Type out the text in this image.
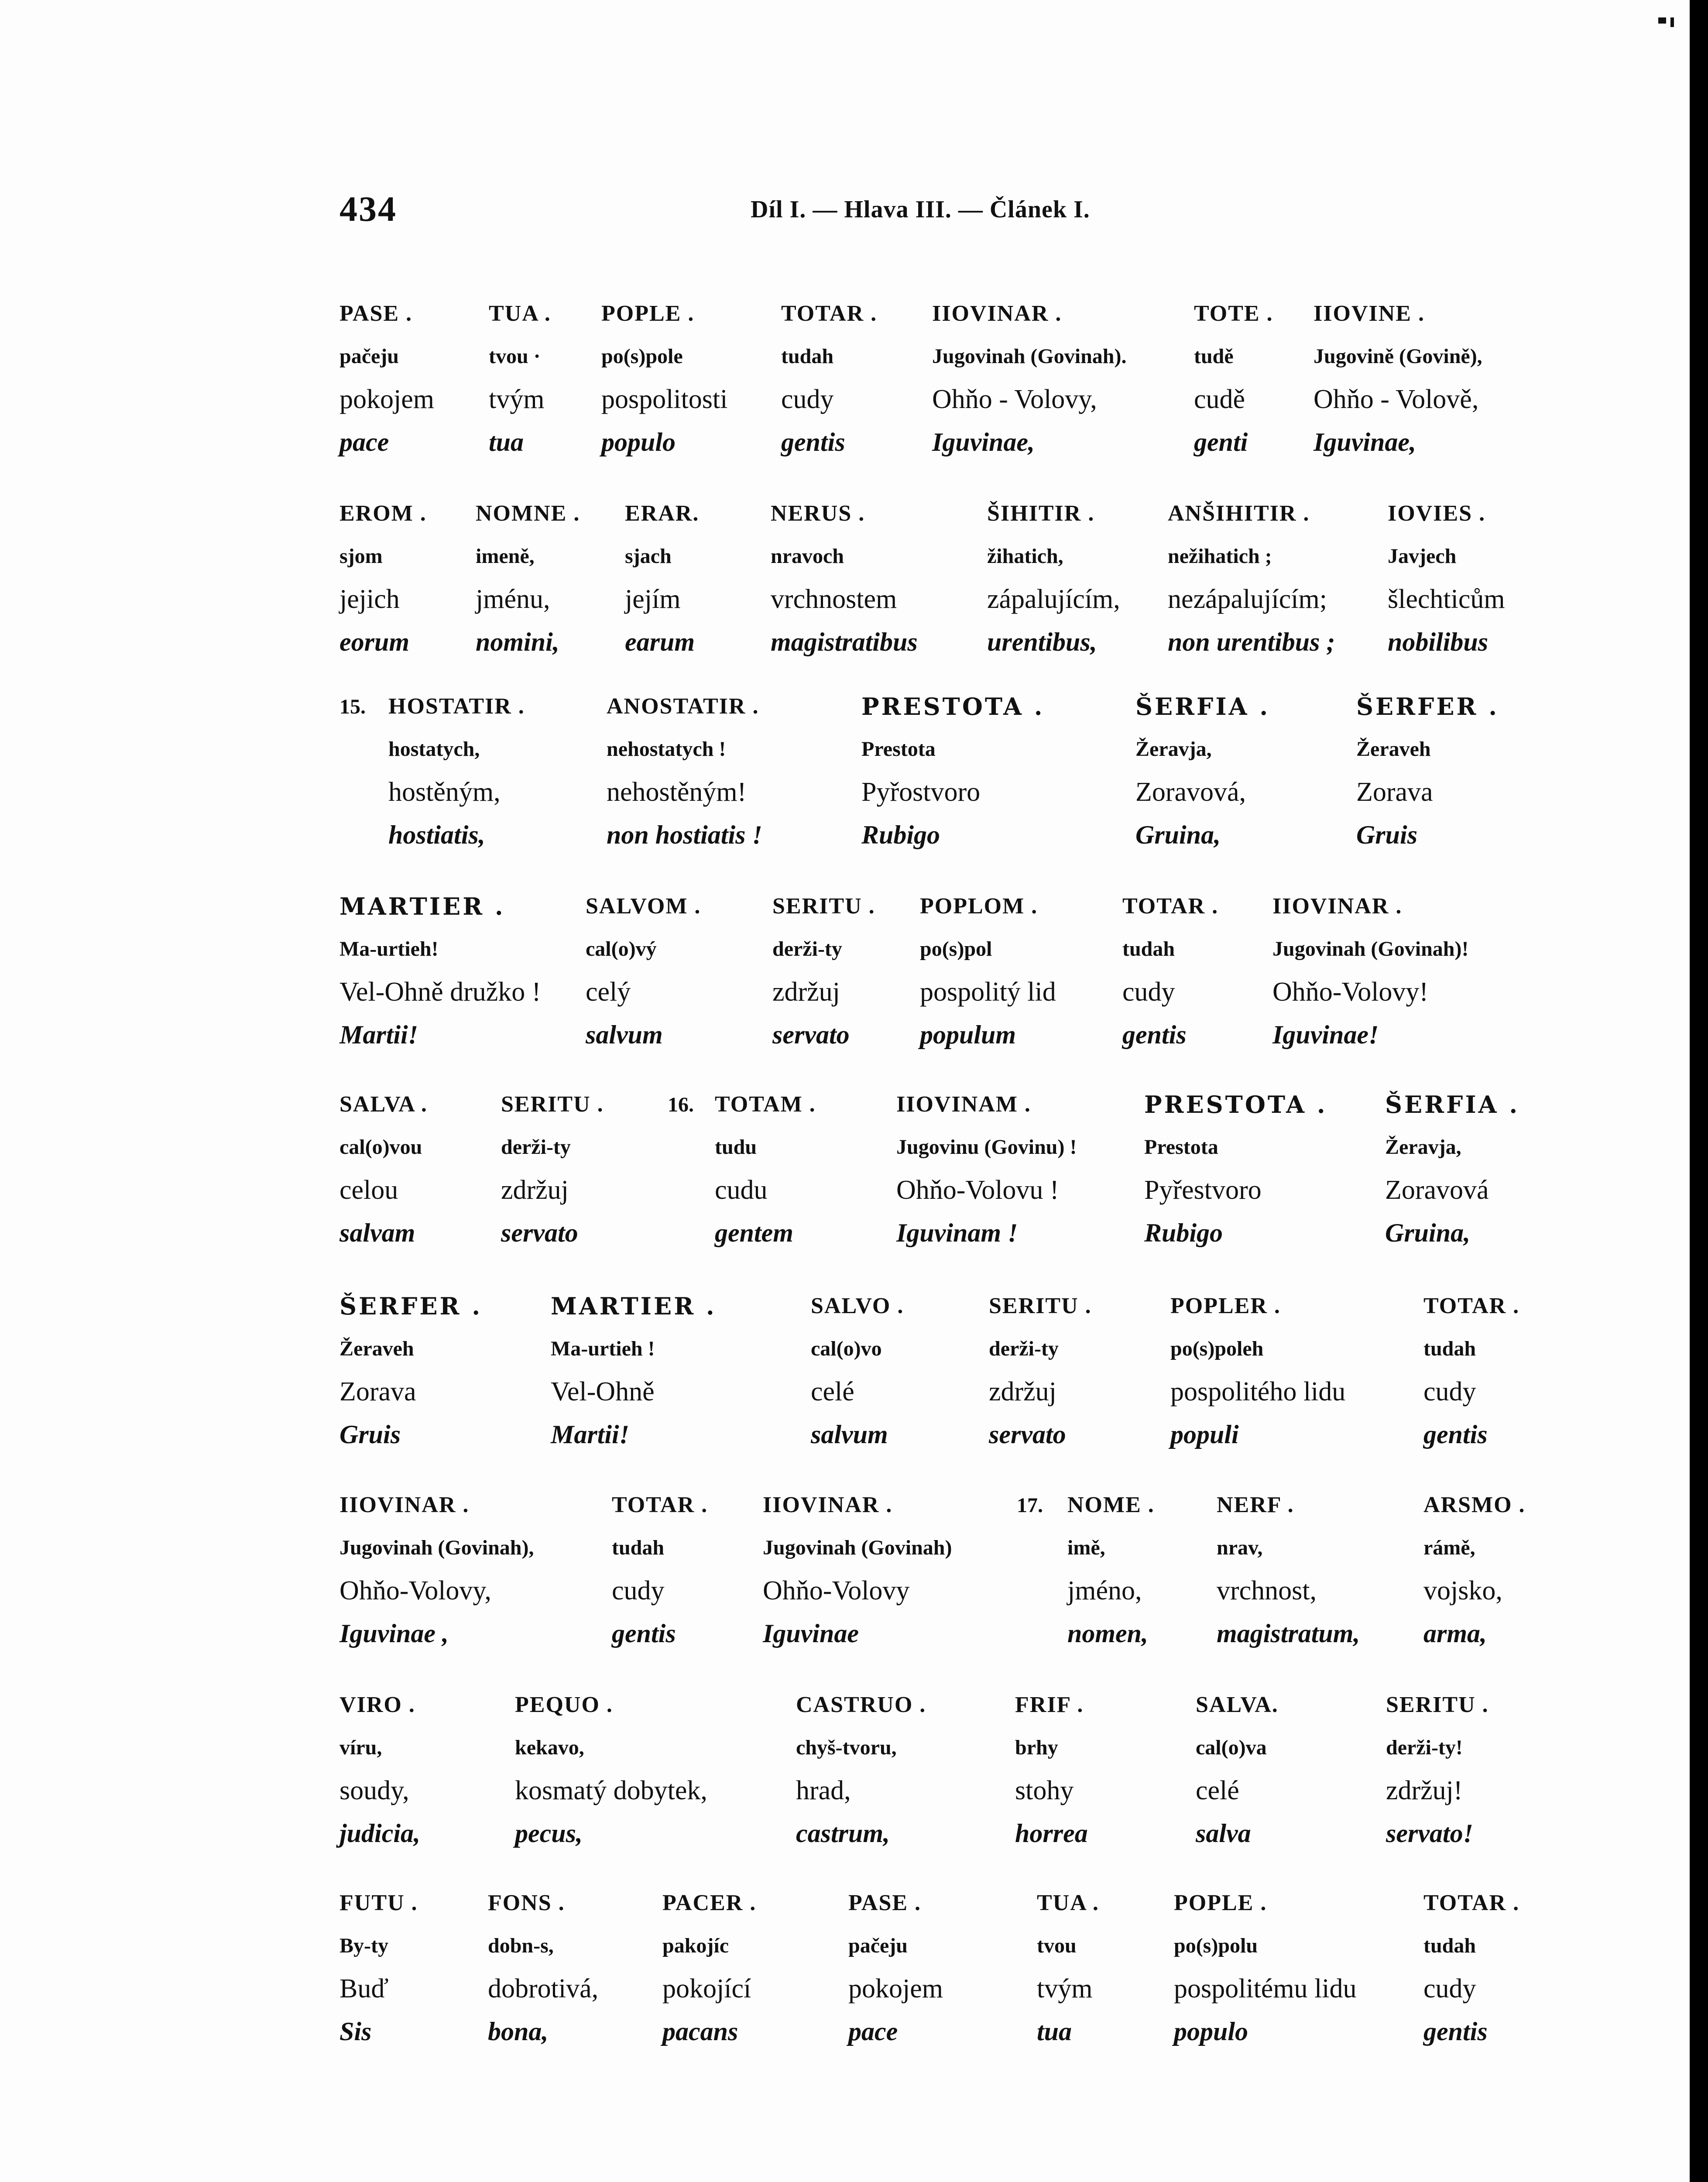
434	Díl I. — Hlava III. — Článek I.
PASE .
pačeju
pokojem
pace
TUA .
tvou ·
tvým
tua
POPLE .
po(s)pole
pospolitosti
populo
TOTAR .
tudah
cudy
gentis
IIOVINAR .
Jugovinah (Govinah).
Ohňo - Volovy,
Iguvinae,
TOTE .
tudě
cudě
genti
IIOVINE .
Jugovině (Govině),
Ohňo - Volově,
Iguvinae,
EROM .
sjom
jejich
eorum
NOMNE .
imeně,
jménu,
nomini,
ERAR.
sjach
jejím
earum
NERUS .
nravoch
vrchnostem
magistratibus
ŠIHITIR .
žihatich,
zápalujícím,
urentibus,
ANŠIHITIR .
nežihatich ;
nezápalujícím;
non urentibus ;
IOVIES .
Javjech
šlechticům
nobilibus
15. HOSTATIR .
hostatych,
hostěným,
hostiatis,
ANOSTATIR .
nehostatych !
nehostěným!
non hostiatis !
PRESTOTA .
Prestota
Pyřostvoro
Rubigo
ŠERFIA .
Žeravja,
Zoravová,
Gruina,
ŠERFER .
Žeraveh
Zorava
Gruis
MARTIER .
Ma-urtieh!
Vel-Ohně družko !
Martii!
SALVOM .
cal(o)vý
celý
salvum
SERITU .
derži-ty
zdržuj
servato
POPLOM .
po(s)pol
pospolitý lid
populum
TOTAR .
tudah
cudy
gentis
IIOVINAR .
Jugovinah (Govinah)!
Ohňo-Volovy!
Iguvinae!
16.
SALVA .
cal(o)vou
celou
salvam
SERITU .
derži-ty
zdržuj
servato
TOTAM .
tudu
cudu
gentem
IIOVINAM .
Jugovinu (Govinu) !
Ohňo-Volovu !
Iguvinam !
PRESTOTA .
Prestota
Pyřestvoro
Rubigo
ŠERFIA .
Žeravja,
Zoravová
Gruina,
ŠERFER .
Žeraveh
Zorava
Gruis
MARTIER .
Ma-urtieh !
Vel-Ohně
Martii!
SALVO .
cal(o)vo
celé
salvum
SERITU .
derži-ty
zdržuj
servato
POPLER .
po(s)poleh
pospolitého lidu
populi
TOTAR .
tudah
cudy
gentis
17.
IIOVINAR .
Jugovinah (Govinah),
Ohňo-Volovy,
Iguvinae ,
TOTAR .
tudah
cudy
gentis
IIOVINAR .
Jugovinah (Govinah)
Ohňo-Volovy
Iguvinae
NOME .
imě,
jméno,
nomen,
NERF .
nrav,
vrchnost,
magistratum,
ARSMO .
rámě,
vojsko,
arma,
VIRO .
víru,
soudy,
judicia,
PEQUO .
kekavo,
kosmatý dobytek,
pecus,
CASTRUO .
chyš-tvoru,
hrad,
castrum,
FRIF .
brhy
stohy
horrea
SALVA.
cal(o)va
celé
salva
SERITU .
derži-ty!
zdržuj!
servato!
FUTU .
By-ty
Buď
Sis
FONS .
dobn-s,
dobrotivá,
bona,
PACER .
pakojíc
pokojící
pacans
PASE .
pačeju
pokojem
pace
TUA .
tvou
tvým
tua
POPLE .
po(s)polu
pospolitému lidu
populo
TOTAR .
tudah
cudy
gentis
